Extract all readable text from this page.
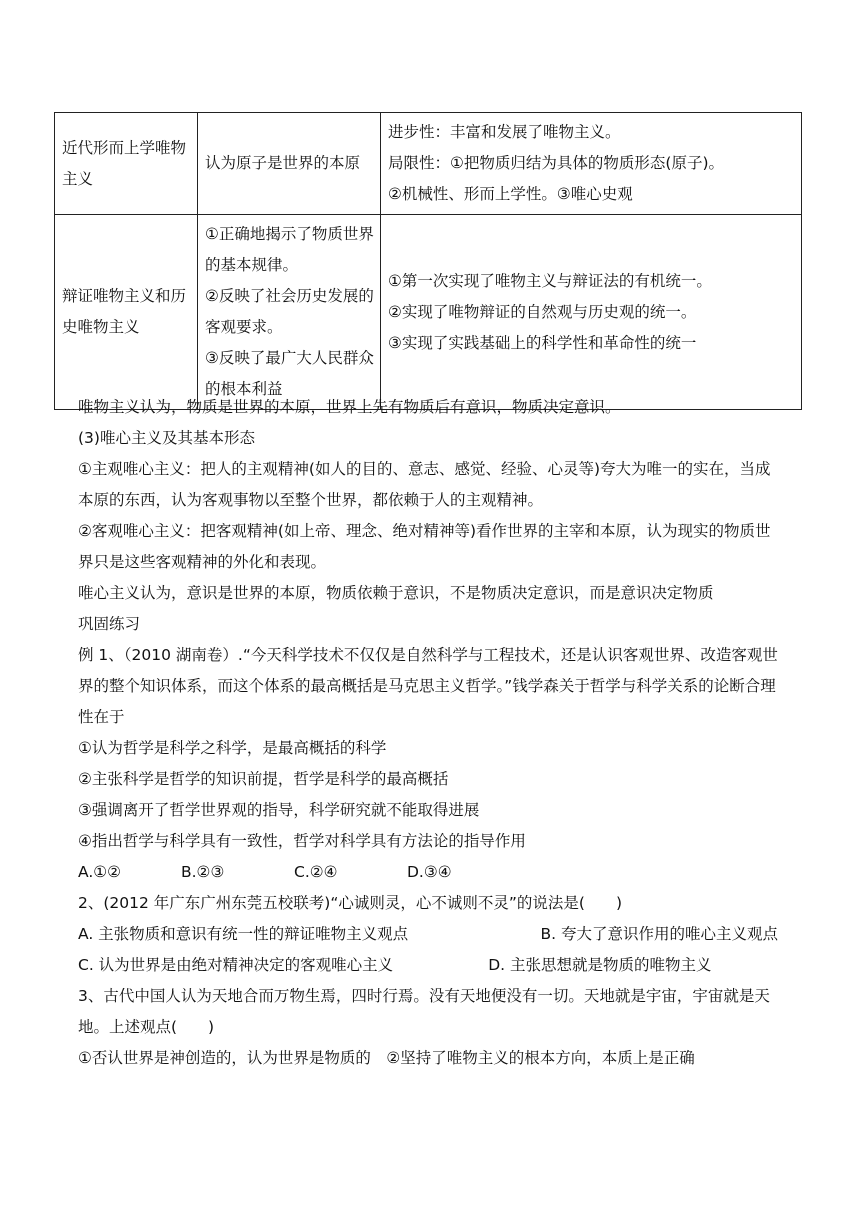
近代形而上学唯物主义	认为原子是世界的本原	进步性：丰富和发展了唯物主义。
局限性：①把物质归结为具体的物质形态(原子)。
②机械性、形而上学性。③唯心史观

辩证唯物主义和历史唯物主义	①正确地揭示了物质世界的基本规律。
②反映了社会历史发展的客观要求。
③反映了最广大人民群众的根本利益	①第一次实现了唯物主义与辩证法的有机统一。
②实现了唯物辩证的自然观与历史观的统一。
③实现了实践基础上的科学性和革命性的统一

唯物主义认为，物质是世界的本原，世界上先有物质后有意识，物质决定意识。

(3)唯心主义及其基本形态

①主观唯心主义：把人的主观精神(如人的目的、意志、感觉、经验、心灵等)夸大为唯一的实在，当成本原的东西，认为客观事物以至整个世界，都依赖于人的主观精神。

②客观唯心主义：把客观精神(如上帝、理念、绝对精神等)看作世界的主宰和本原，认为现实的物质世界只是这些客观精神的外化和表现。

唯心主义认为，意识是世界的本原，物质依赖于意识，不是物质决定意识，而是意识决定物质

巩固练习

例 1、（2010 湖南卷）.“今天科学技术不仅仅是自然科学与工程技术，还是认识客观世界、改造客观世界的整个知识体系，而这个体系的最高概括是马克思主义哲学。”钱学森关于哲学与科学关系的论断合理性在于

①认为哲学是科学之科学，是最高概括的科学

②主张科学是哲学的知识前提，哲学是科学的最高概括

③强调离开了哲学世界观的指导，科学研究就不能取得进展

④指出哲学与科学具有一致性，哲学对科学具有方法论的指导作用

A.①②	B.②③	C.②④	D.③④

2、(2012 年广东广州东莞五校联考)“心诚则灵，心不诚则不灵”的说法是(　　)

A. 主张物质和意识有统一性的辩证唯物主义观点	B. 夸大了意识作用的唯心主义观点

C. 认为世界是由绝对精神决定的客观唯心主义	D. 主张思想就是物质的唯物主义

3、古代中国人认为天地合而万物生焉，四时行焉。没有天地便没有一切。天地就是宇宙，宇宙就是天地。上述观点(　　)

①否认世界是神创造的，认为世界是物质的　②坚持了唯物主义的根本方向，本质上是正确
